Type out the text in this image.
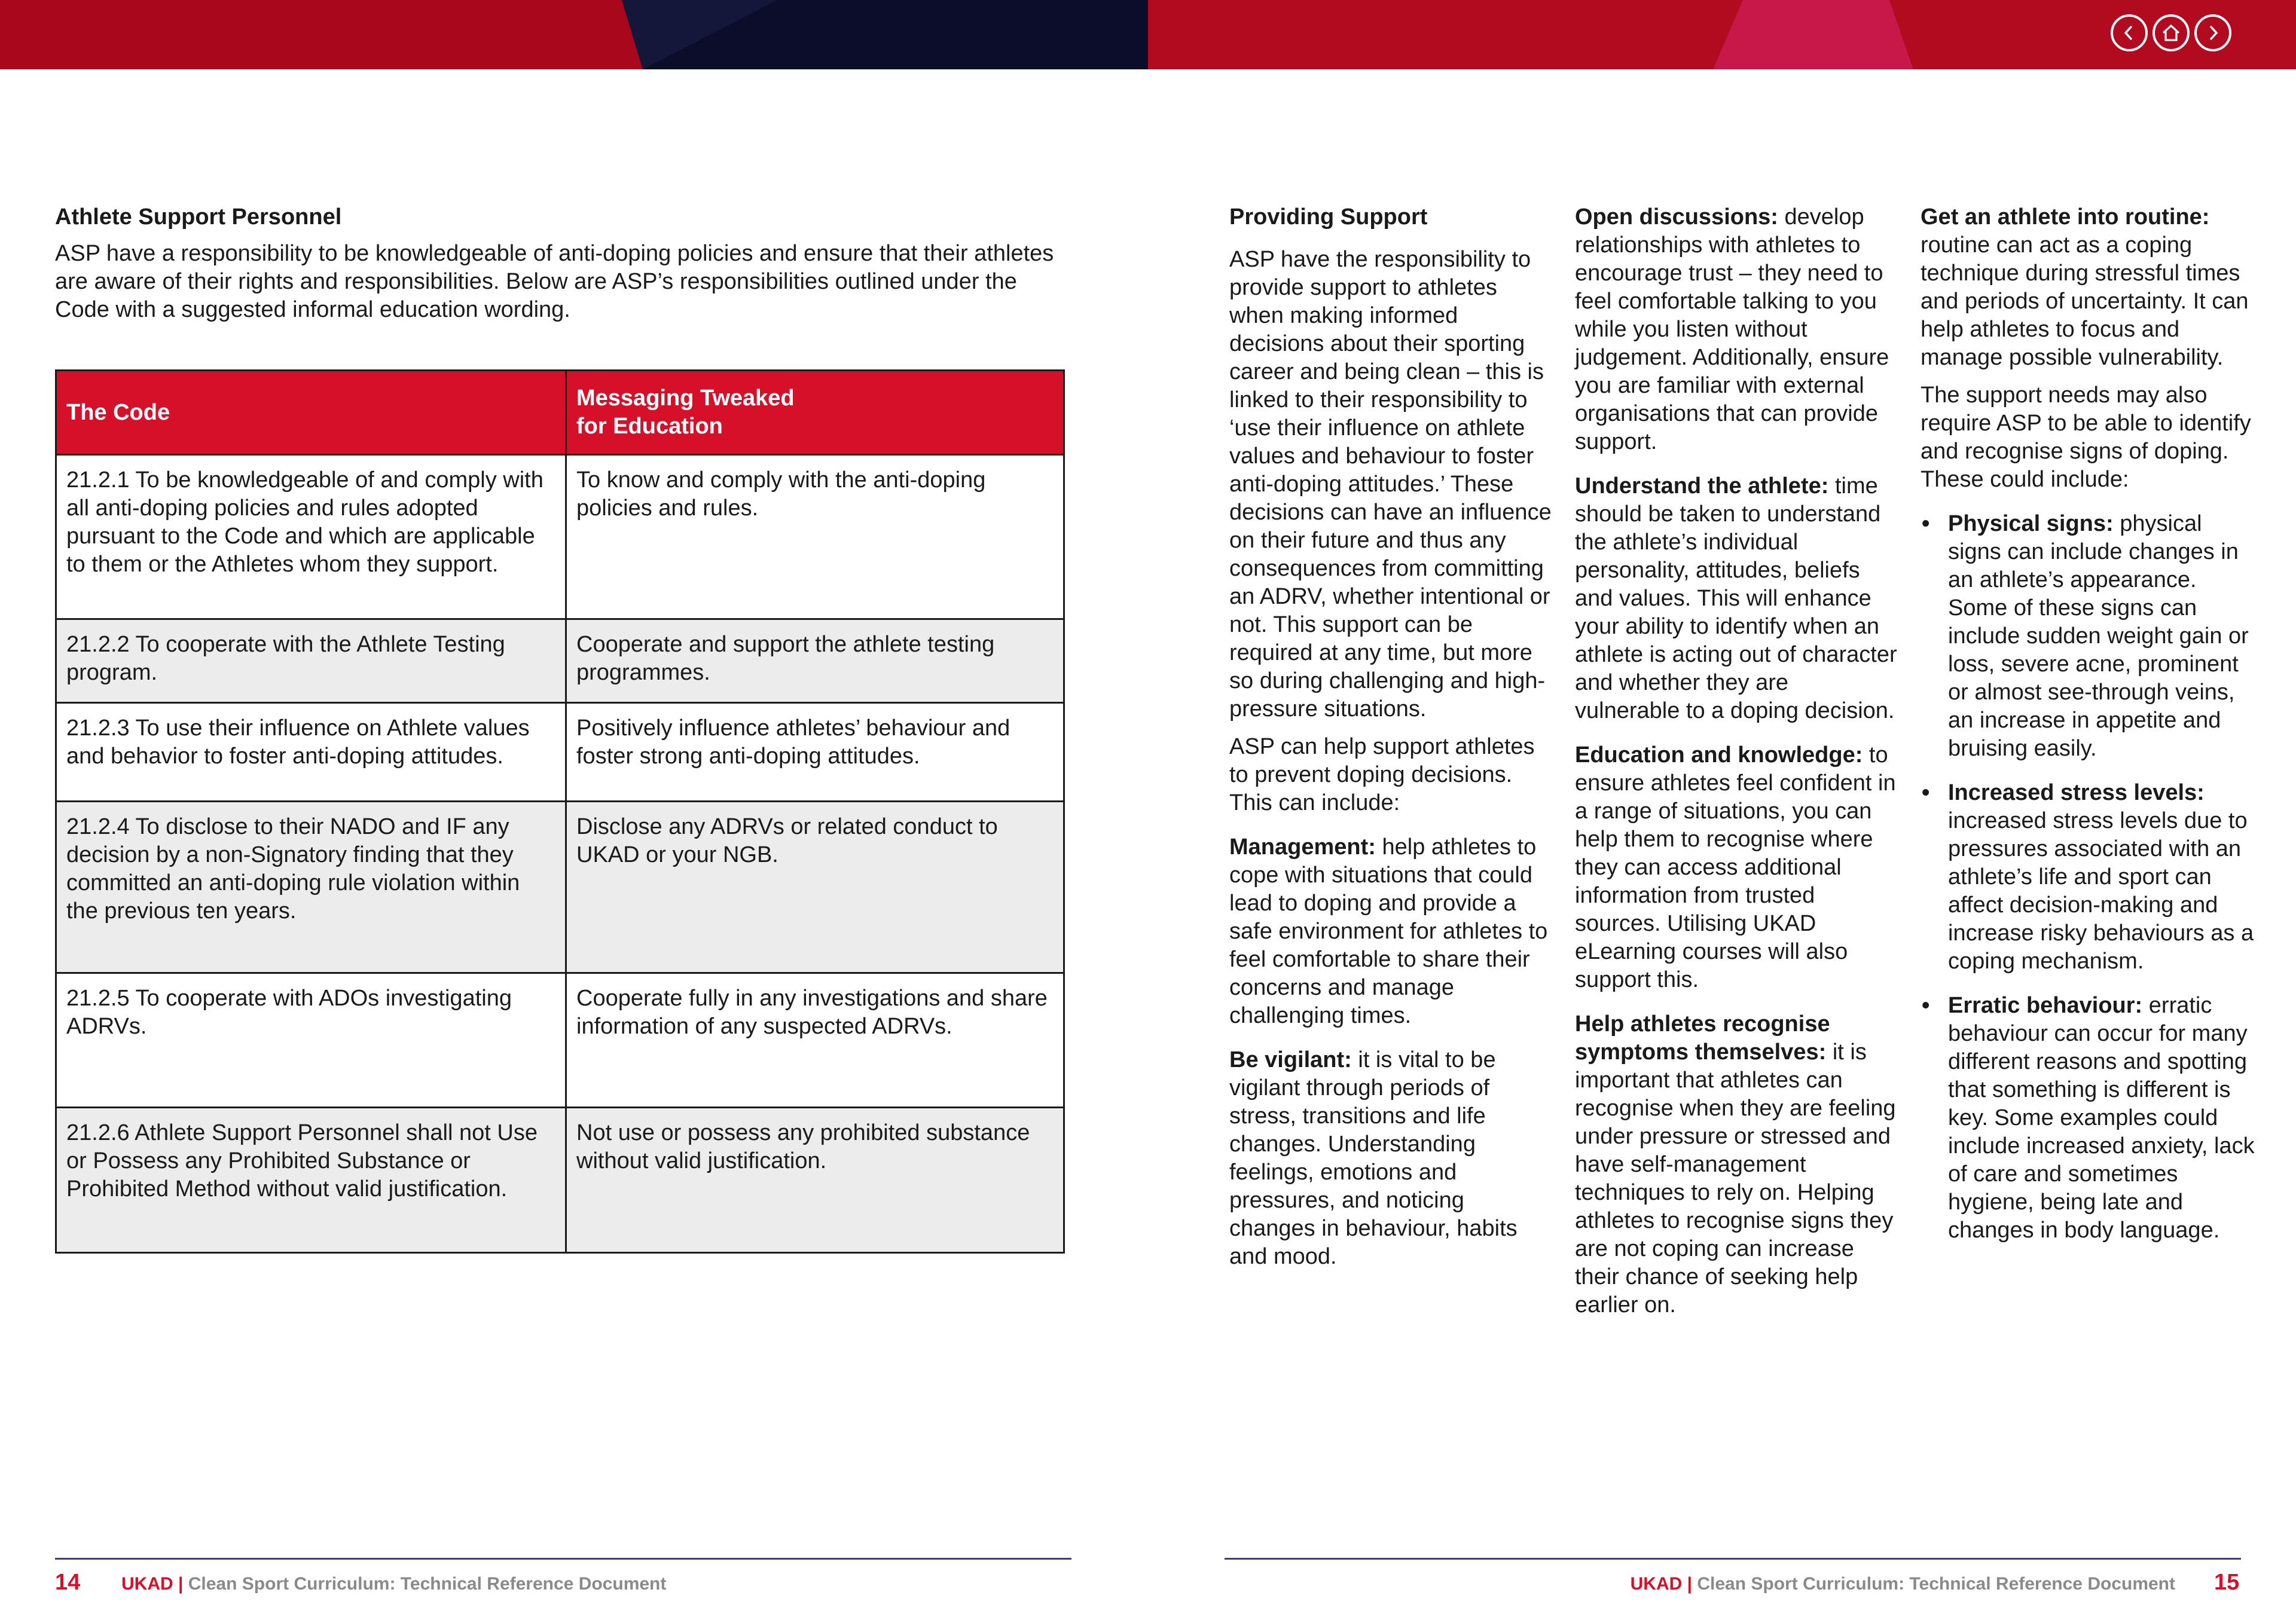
Athlete Support Personnel

ASP have a responsibility to be knowledgeable of anti-doping policies and ensure that their athletes are aware of their rights and responsibilities. Below are ASP’s responsibilities outlined under the Code with a suggested informal education wording.

The Code	Messaging Tweaked for Education

21.2.1 To be knowledgeable of and comply with all anti-doping policies and rules adopted pursuant to the Code and which are applicable to them or the Athletes whom they support.	To know and comply with the anti-doping policies and rules.
21.2.2 To cooperate with the Athlete Testing program.	Cooperate and support the athlete testing programmes.
21.2.3 To use their influence on Athlete values and behavior to foster anti-doping attitudes.	Positively influence athletes’ behaviour and foster strong anti-doping attitudes.
21.2.4 To disclose to their NADO and IF any decision by a non-Signatory finding that they committed an anti-doping rule violation within the previous ten years.	Disclose any ADRVs or related conduct to UKAD or your NGB.
21.2.5 To cooperate with ADOs investigating ADRVs.	Cooperate fully in any investigations and share information of any suspected ADRVs.
21.2.6 Athlete Support Personnel shall not Use or Possess any Prohibited Substance or Prohibited Method without valid justification.	Not use or possess any prohibited substance without valid justification.

Providing Support

ASP have the responsibility to provide support to athletes when making informed decisions about their sporting career and being clean – this is linked to their responsibility to ‘use their influence on athlete values and behaviour to foster anti-doping attitudes.’ These decisions can have an influence on their future and thus any consequences from committing an ADRV, whether intentional or not. This support can be required at any time, but more so during challenging and high-pressure situations.

ASP can help support athletes to prevent doping decisions. This can include:

Management: help athletes to cope with situations that could lead to doping and provide a safe environment for athletes to feel comfortable to share their concerns and manage challenging times.

Be vigilant: it is vital to be vigilant through periods of stress, transitions and life changes. Understanding feelings, emotions and pressures, and noticing changes in behaviour, habits and mood.

Open discussions: develop relationships with athletes to encourage trust – they need to feel comfortable talking to you while you listen without judgement. Additionally, ensure you are familiar with external organisations that can provide support.

Understand the athlete: time should be taken to understand the athlete’s individual personality, attitudes, beliefs and values. This will enhance your ability to identify when an athlete is acting out of character and whether they are vulnerable to a doping decision.

Education and knowledge: to ensure athletes feel confident in a range of situations, you can help them to recognise where they can access additional information from trusted sources. Utilising UKAD eLearning courses will also support this.

Help athletes recognise symptoms themselves: it is important that athletes can recognise when they are feeling under pressure or stressed and have self-management techniques to rely on. Helping athletes to recognise signs they are not coping can increase their chance of seeking help earlier on.

Get an athlete into routine: routine can act as a coping technique during stressful times and periods of uncertainty. It can help athletes to focus and manage possible vulnerability.

The support needs may also require ASP to be able to identify and recognise signs of doping. These could include:

• Physical signs: physical signs can include changes in an athlete’s appearance. Some of these signs can include sudden weight gain or loss, severe acne, prominent or almost see-through veins, an increase in appetite and bruising easily.
• Increased stress levels: increased stress levels due to pressures associated with an athlete’s life and sport can affect decision-making and increase risky behaviours as a coping mechanism.
• Erratic behaviour: erratic behaviour can occur for many different reasons and spotting that something is different is key. Some examples could include increased anxiety, lack of care and sometimes hygiene, being late and changes in body language.
14 UKAD | Clean Sport Curriculum: Technical Reference Document	UKAD | Clean Sport Curriculum: Technical Reference Document 15
